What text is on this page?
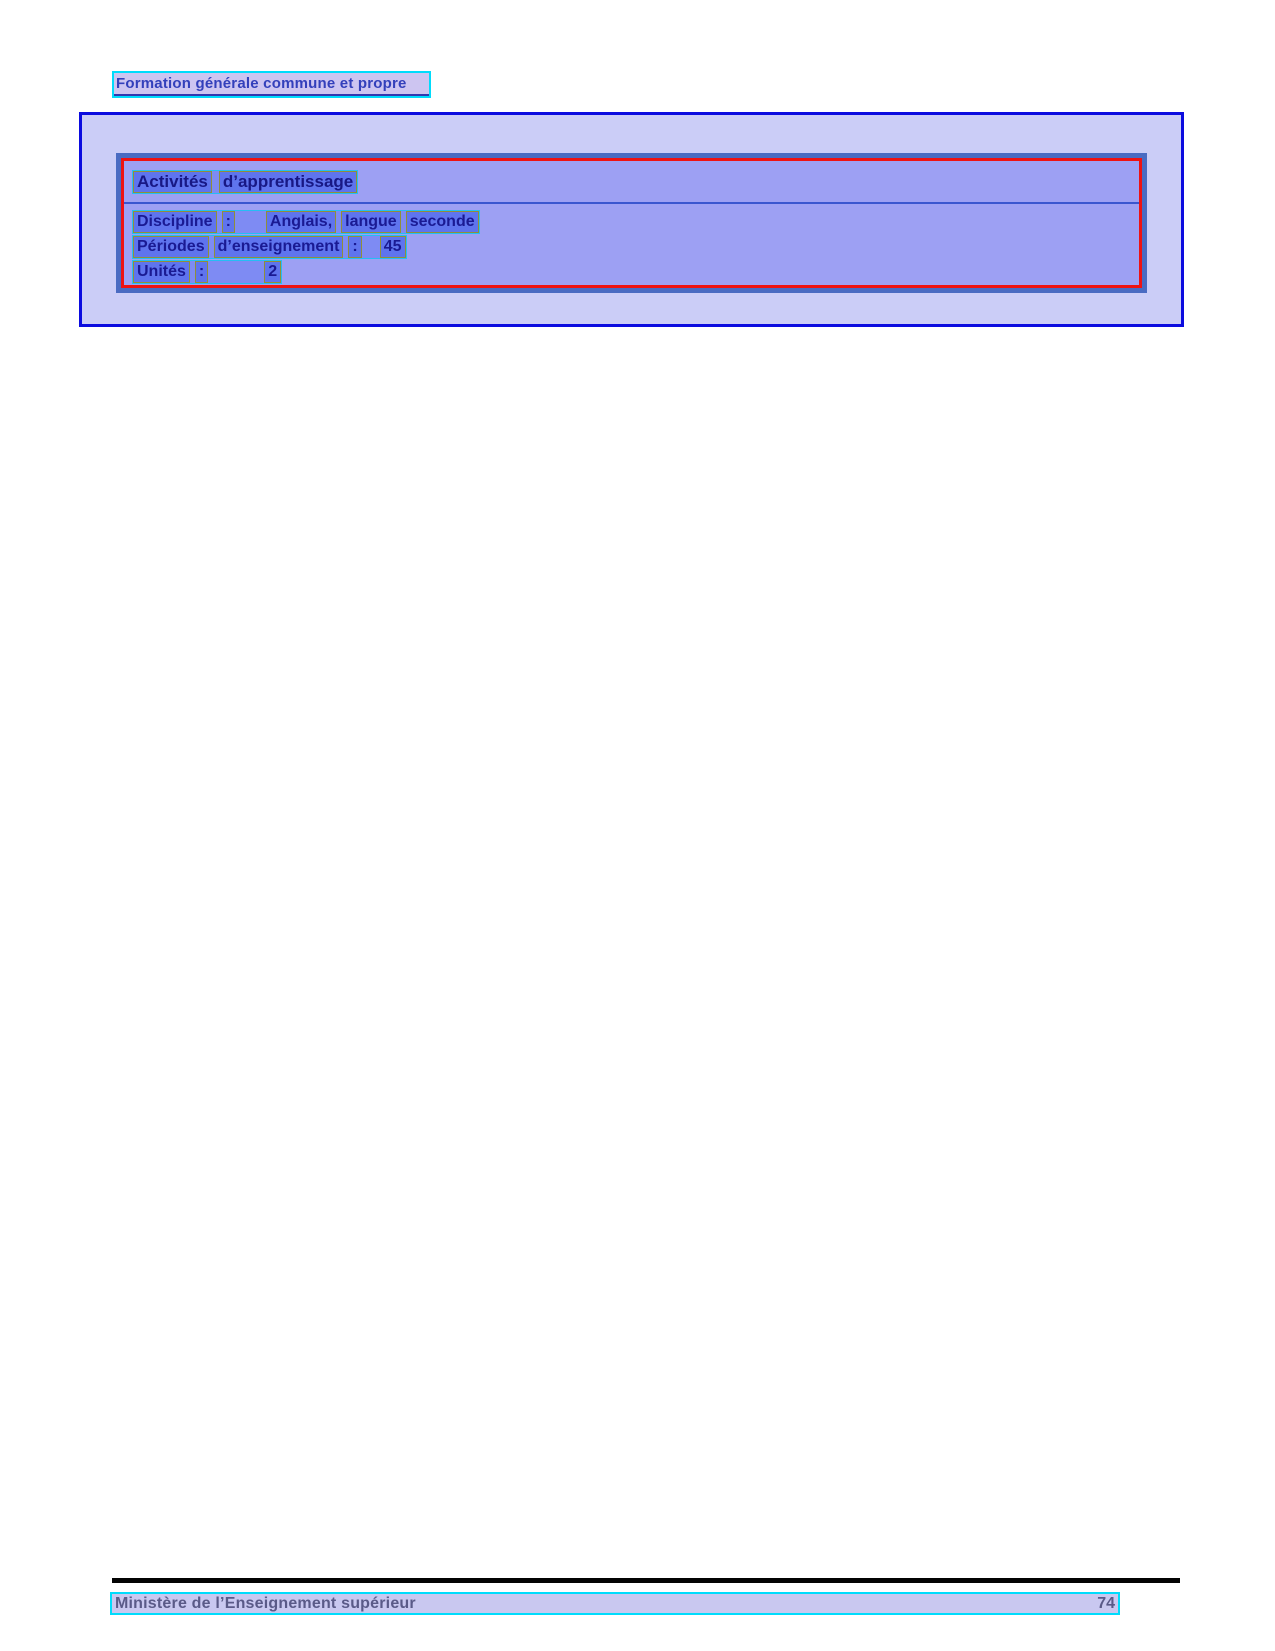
Formation générale commune et propre
Activités d’apprentissage
Discipline : Anglais, langue seconde
Périodes d’enseignement : 45
Unités :	2
Ministère de l’Enseignement supérieur	74
